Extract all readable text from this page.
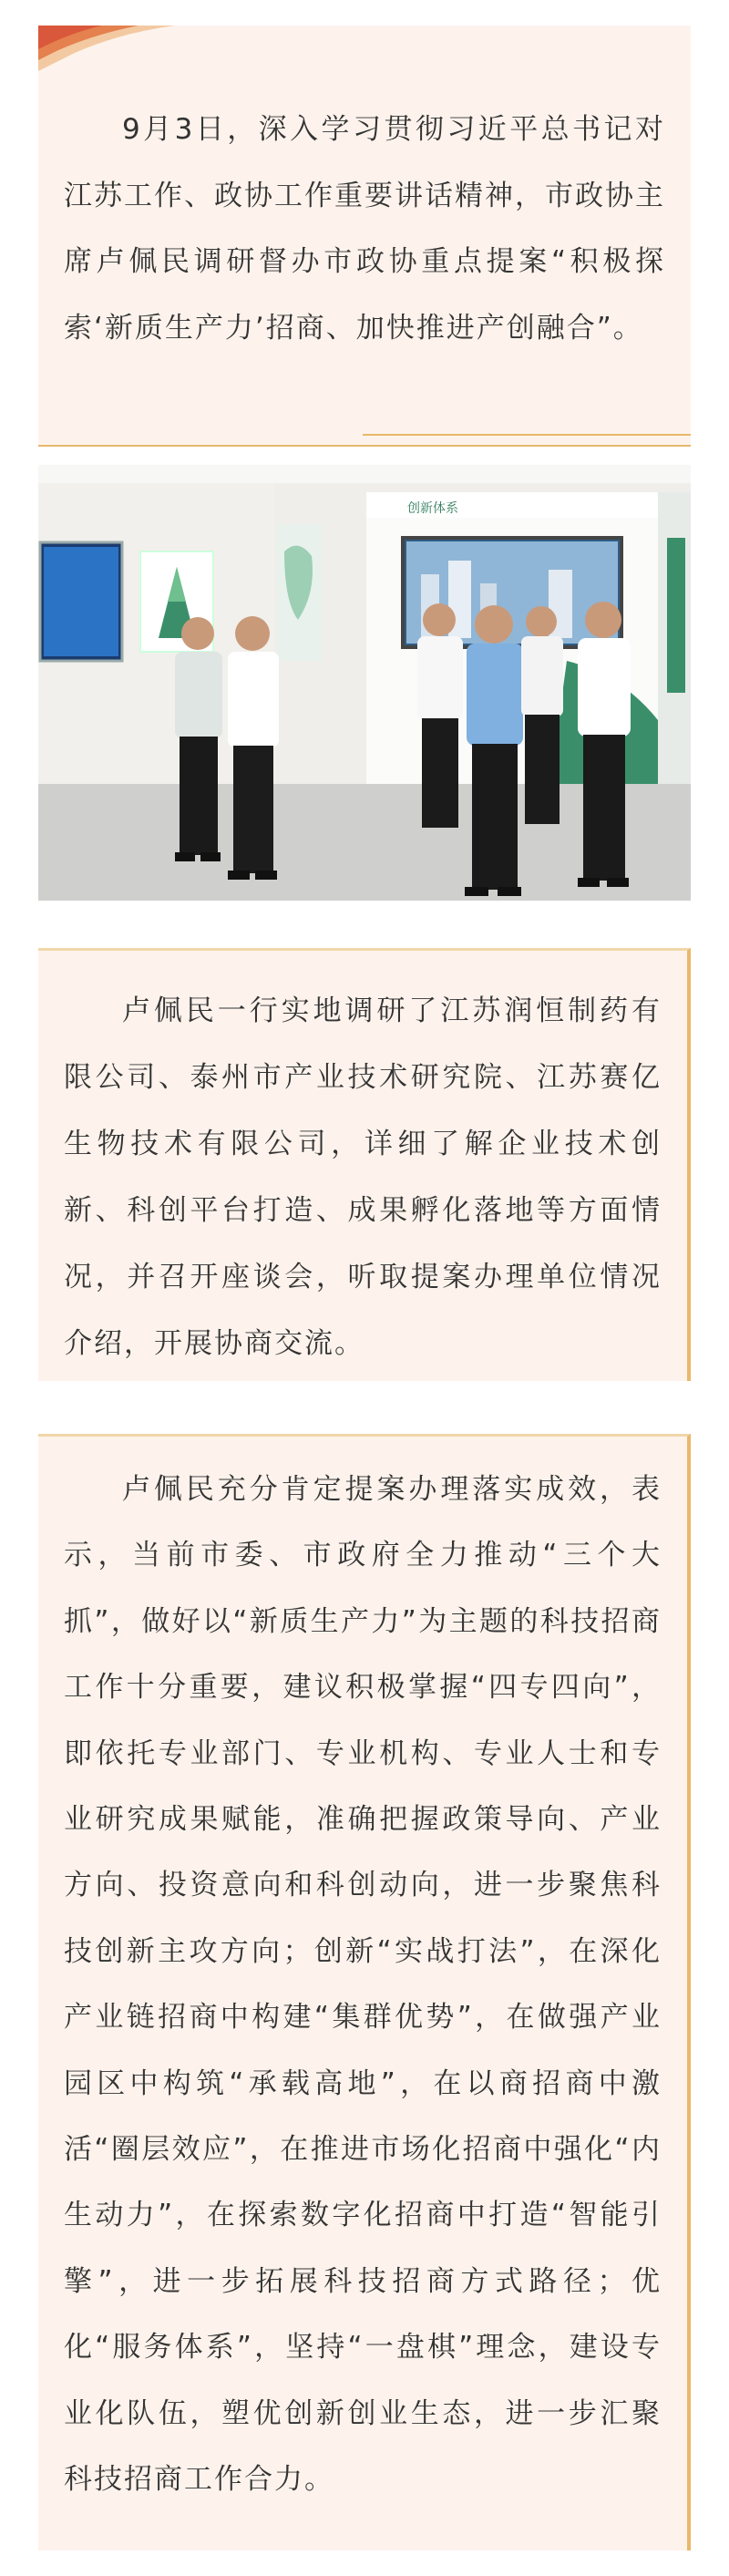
9月3日，深入学习贯彻习近平总书记对江苏工作、政协工作重要讲话精神，市政协主席卢佩民调研督办市政协重点提案“积极探索‘新质生产力’招商、加快推进产创融合”。

创新体系

卢佩民一行实地调研了江苏润恒制药有限公司、泰州市产业技术研究院、江苏赛亿生物技术有限公司，详细了解企业技术创新、科创平台打造、成果孵化落地等方面情况，并召开座谈会，听取提案办理单位情况介绍，开展协商交流。

卢佩民充分肯定提案办理落实成效，表示，当前市委、市政府全力推动“三个大抓”，做好以“新质生产力”为主题的科技招商工作十分重要，建议积极掌握“四专四向”，即依托专业部门、专业机构、专业人士和专业研究成果赋能，准确把握政策导向、产业方向、投资意向和科创动向，进一步聚焦科技创新主攻方向；创新“实战打法”，在深化产业链招商中构建“集群优势”，在做强产业园区中构筑“承载高地”，在以商招商中激活“圈层效应”，在推进市场化招商中强化“内生动力”，在探索数字化招商中打造“智能引擎”，进一步拓展科技招商方式路径；优化“服务体系”，坚持“一盘棋”理念，建设专业化队伍，塑优创新创业生态，进一步汇聚科技招商工作合力。
